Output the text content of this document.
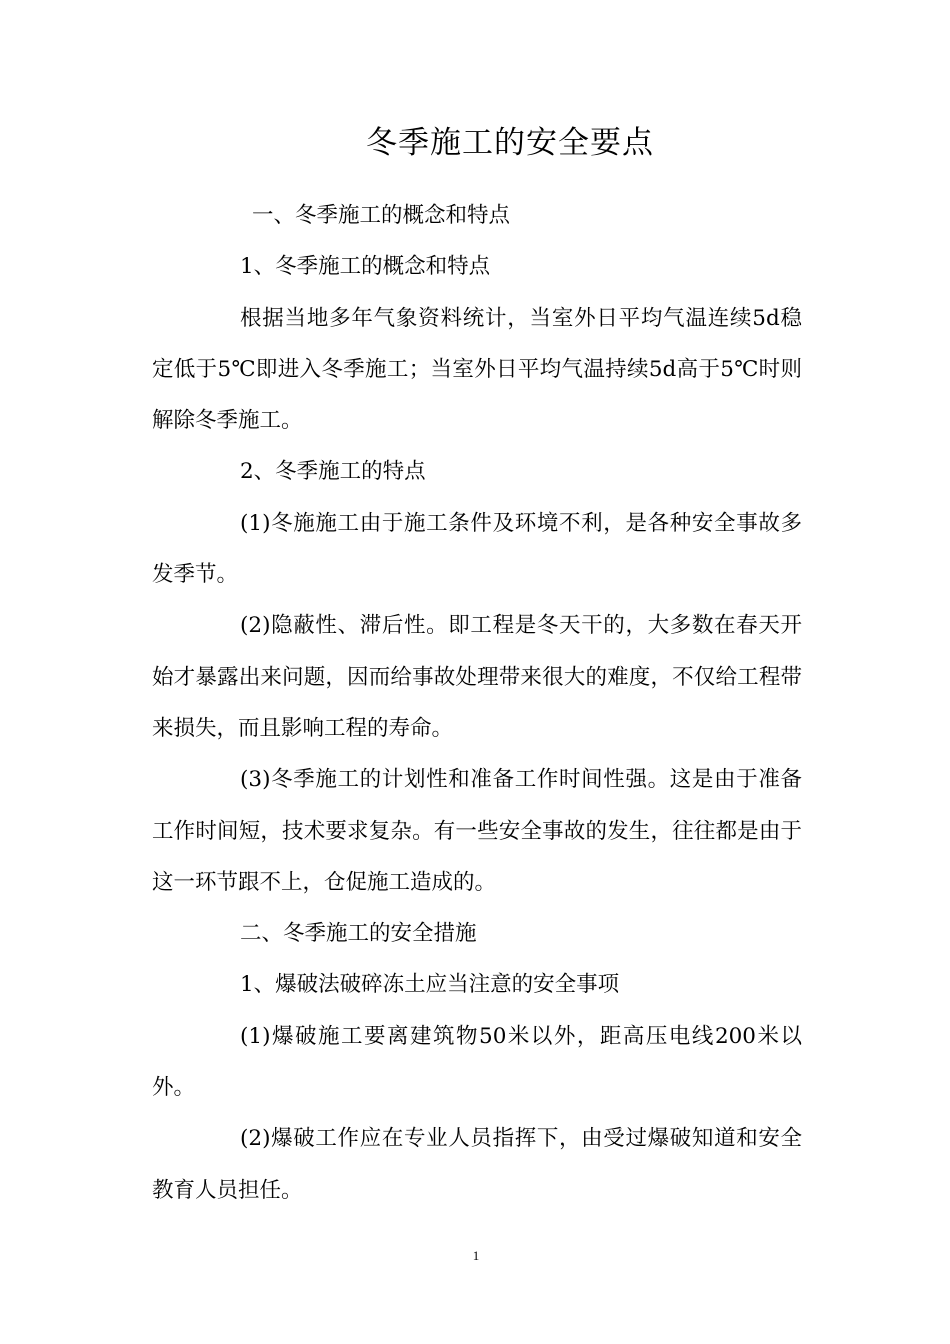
冬季施工的安全要点

一、冬季施工的概念和特点

1、冬季施工的概念和特点

根据当地多年气象资料统计，当室外日平均气温连续5d稳定低于5℃即进入冬季施工；当室外日平均气温持续5d高于5℃时则解除冬季施工。

2、冬季施工的特点

(1)冬施施工由于施工条件及环境不利，是各种安全事故多发季节。

(2)隐蔽性、滞后性。即工程是冬天干的，大多数在春天开始才暴露出来问题，因而给事故处理带来很大的难度，不仅给工程带来损失，而且影响工程的寿命。

(3)冬季施工的计划性和准备工作时间性强。这是由于准备工作时间短，技术要求复杂。有一些安全事故的发生，往往都是由于这一环节跟不上，仓促施工造成的。

二、冬季施工的安全措施

1、爆破法破碎冻土应当注意的安全事项

(1)爆破施工要离建筑物50米以外，距高压电线200米以外。

(2)爆破工作应在专业人员指挥下，由受过爆破知道和安全教育人员担任。

1
